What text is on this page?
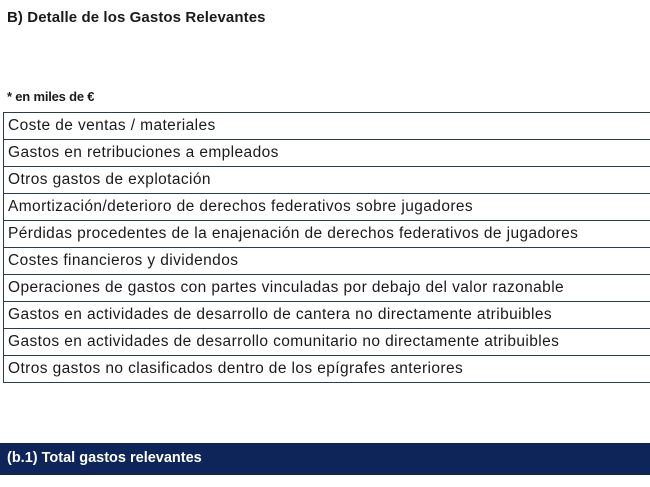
B) Detalle de los Gastos Relevantes
* en miles de €
Coste de ventas / materiales
Gastos en retribuciones a empleados
Otros gastos de explotación
Amortización/deterioro de derechos federativos sobre jugadores
Pérdidas procedentes de la enajenación de derechos federativos de jugadores
Costes financieros y dividendos
Operaciones de gastos con partes vinculadas por debajo del valor razonable
Gastos en actividades de desarrollo de cantera no directamente atribuibles
Gastos en actividades de desarrollo comunitario no directamente atribuibles
Otros gastos no clasificados dentro de los epígrafes anteriores
(b.1) Total gastos relevantes
